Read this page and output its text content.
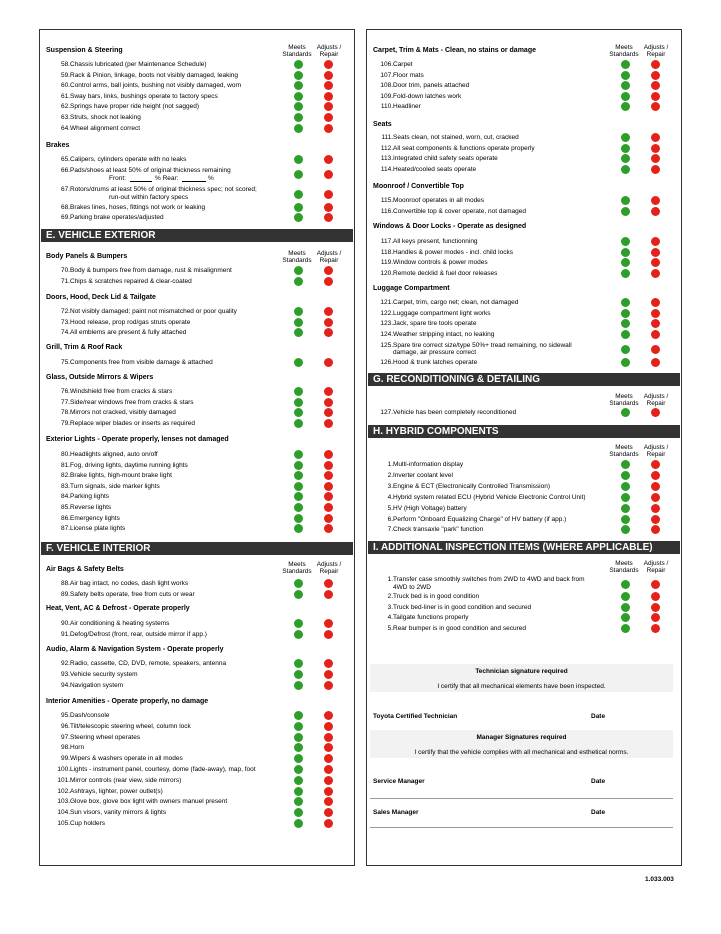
Meets Standards
Adjusts / Repair
Suspension & Steering
58. Chassis lubricated (per Maintenance Schedule)
59. Rack & Pinion, linkage, boots not visibly damaged, leaking
60. Control arms, ball joints, bushing not visibly damaged, worn
61. Sway bars, links, bushings operate to factory specs
62. Springs have proper ride height (not sagged)
63. Struts, shock not leaking
64. Wheel alignment correct
Brakes
65. Calipers, cylinders operate with no leaks
66. Pads/shoes at least 50% of original thickness remaining
Front:	% Rear:	%
67. Rotors/drums at least 50% of original thickness spec; not scored;
run-out within factory specs
68. Brakes lines, hoses, fittings not work or leaking
69. Parking brake operates/adjusted
E. VEHICLE EXTERIOR
Meets Standards
Adjusts / Repair
Body Panels & Bumpers
70. Body & bumpers free from damage, rust & misalignment
71. Chips & scratches repaired & clear-coated
Doors, Hood, Deck Lid & Tailgate
72. Not visibly damaged; paint not mismatched or poor quality
73. Hood release, prop rod/gas struts operate
74. All emblems are present & fully attached
Grill, Trim & Roof Rack
75. Components free from visible damage & attached
Glass, Outside Mirrors & Wipers
76. Windshield free from cracks & stars
77. Side/rear windows free from cracks & stars
78. Mirrors not cracked, visibly damaged
79. Replace wiper blades or inserts as required
Exterior Lights - Operate properly, lenses not damaged
80. Headlights aligned, auto on/off
81. Fog, driving lights, daytime running lights
82. Brake lights, high-mount brake light
83. Turn signals, side marker lights
84. Parking lights
85. Reverse lights
86. Emergency lights
87. License plate lights
F. VEHICLE INTERIOR
Meets Standards
Adjusts / Repair
Air Bags & Safety Belts
88. Air bag intact, no codes, dash light works
89. Safety belts operate, free from cuts or wear
Heat, Vent, AC & Defrost - Operate properly
90. Air conditioning & heating systems
91. Defog/Defrost (front, rear, outside mirror if app.)
Audio, Alarm & Navigation System - Operate properly
92. Radio, cassette, CD, DVD, remote, speakers, antenna
93. Vehicle security system
94. Navigation system
Interior Amenities - Operate properly, no damage
95. Dash/console
96. Tilt/telescopic steering wheel, column lock
97. Steering wheel operates
98. Horn
99. Wipers & washers operate in all modes
100. Lights - instrument panel, courtesy, dome (fade-away), map, foot
101. Mirror controls (rear view, side mirrors)
102. Ashtrays, lighter, power outlet(s)
103. Glove box, glove box light with owners manuel present
104. Sun visors, vanity mirrors & lights
105. Cup holders
Meets Standards
Adjusts / Repair
Carpet, Trim & Mats - Clean, no stains or damage
106. Carpet
107. Floor mats
108. Door trim, panels attached
109. Fold-down latches work
110. Headliner
Seats
111. Seats clean, not stained, worn, cut, cracked
112. All seat components & functions operate properly
113. Integrated child safety seats operate
114. Heated/cooled seats operate
Moonroof / Convertible Top
115. Moonroof operates in all modes
116. Convertible top & cover operate, not damaged
Windows & Door Locks - Operate as designed
117. All keys present, functionning
118. Handles & power modes - incl. child locks
119. Window controls & power modes
120. Remote decklid & fuel door releases
Luggage Compartment
121. Carpet, trim, cargo net; clean, not damaged
122. Luggage compartment light works
123. Jack, spare tire tools operate
124. Weather stripping intact, no leaking
125. Spare tire correct size/type 50%+ tread remaining, no sidewall
damage, air pressure correct
126. Hood & trunk latches operate
G. RECONDITIONING & DETAILING
Meets Standards
Adjusts / Repair
127. Vehicle has been completely reconditioned
H. HYBRID COMPONENTS
Meets Standards
Adjusts / Repair
1. Multi-information display
2. Inverter coolant level
3. Engine & ECT (Electronically Controlled Transmission)
4. Hybrid system related ECU (Hybrid Vehicle Electronic Control Unit)
5. HV (High Voltage) battery
6. Perform "Onboard Equalizing Charge" of HV battery (if app.)
7. Check transaxle "park" function
I. ADDITIONAL INSPECTION ITEMS (WHERE APPLICABLE)
Meets Standards
Adjusts / Repair
1. Transfer case smoothly switches from 2WD to 4WD and back from
4WD to 2WD
2. Truck bed is in good condition
3. Truck bed-liner is in good condition and secured
4. Tailgate functions properly
5. Rear bumper is in good condition and secured
Technician signature required
I certify that all mechanical elements have been inspected.
Toyota Certified Technician	Date
Manager Signatures required
I certify that the vehicle complies with all mechanical and esthetical norms.
Service Manager	Date
Sales Manager	Date
1.033.003
